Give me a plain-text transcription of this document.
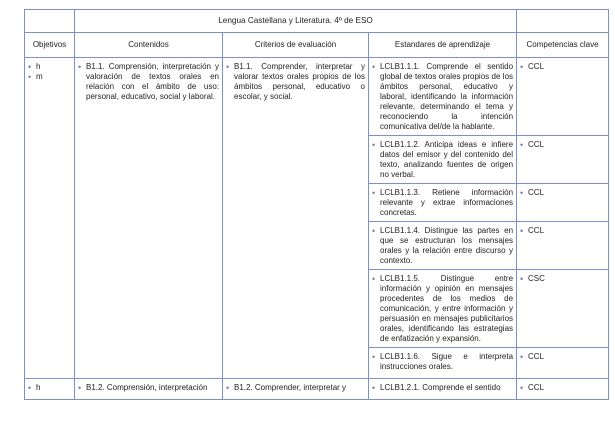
	Lengua Castellana y Literatura. 4º de ESO			
Objetivos	Contenidos	Criterios de evaluación	Estandares de aprendizaje	Competencias clave

• h
• m	• B1.1. Comprensión, interpretación y valoración de textos orales en relación con el ámbito de uso: personal, educativo, social y laboral.	• B1.1. Comprender, interpretar y valorar textos orales propios de los ámbitos personal, educativo o escolar, y social.	• LCLB1.1.1. Comprende el sentido global de textos orales propios de los ámbitos personal, educativo y laboral, identificando la información relevante, determinando el tema y reconociendo la intención comunicativa del/de la hablante.	• CCL

			• LCLB1.1.2. Anticipa ideas e infiere datos del emisor y del contenido del texto, analizando fuentes de origen no verbal.	• CCL

			• LCLB1.1.3. Retiene información relevante y extrae informaciones concretas.	• CCL

			• LCLB1.1.4. Distingue las partes en que se estructuran los mensajes orales y la relación entre discurso y contexto.	• CCL

			• LCLB1.1.5. Distingue entre información y opinión en mensajes procedentes de los medios de comunicación, y entre información y persuasión en mensajes publicitarios orales, identificando las estrategias de enfatización y expansión.	• CSC

			• LCLB1.1.6. Sigue e interpreta instrucciones orales.	• CCL

• h	• B1.2. Comprensión, interpretación	• B1.2. Comprender, interpretar y	• LCLB1.2.1. Comprende el sentido	• CCL
